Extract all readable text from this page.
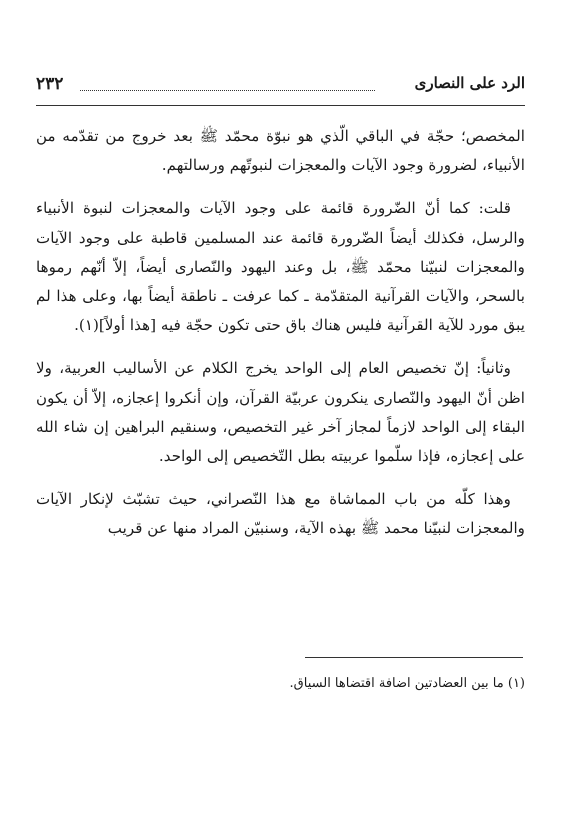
٢٣٢	الرد على النصارى

المخصص؛ حجّة في الباقي الّذي هو نبوّة محمّد ﷺ بعد خروج من تقدّمه من الأنبياء، لضرورة وجود الآيات والمعجزات لنبوتّهم ورسالتهم.

قلت: كما أنّ الضّرورة قائمة على وجود الآيات والمعجزات لنبوة الأنبياء والرسل، فكذلك أيضاً الضّرورة قائمة عند المسلمين قاطبة على وجود الآيات والمعجزات لنبيّنا محمّد ﷺ، بل وعند اليهود والنّصارى أيضاً، إلاّ أنّهم رموها بالسحر، والآيات القرآنية المتقدّمة ـ كما عرفت ـ ناطقة أيضاً بها، وعلى هذا لم يبق مورد للآية القرآنية فليس هناك باق حتى تكون حجّة فيه [هذا أولاً](١).

وثانياً: إنّ تخصيص العام إلى الواحد يخرج الكلام عن الأساليب العربية، ولا اظن أنّ اليهود والنّصارى ينكرون عربيّة القرآن، وإن أنكروا إعجازه، إلاّ أن يكون البقاء إلى الواحد لازماً لمجاز آخر غير التخصيص، وسنقيم البراهين إن شاء الله على إعجازه، فإذا سلّموا عربيته بطل التّخصيص إلى الواحد.

وهذا كلّه من باب المماشاة مع هذا النّصراني، حيث تشبّث لإنكار الآيات والمعجزات لنبيّنا محمد ﷺ بهذه الآية، وسنبيّن المراد منها عن قريب

(١) ما بين العضادتين اضافة اقتضاها السياق.
